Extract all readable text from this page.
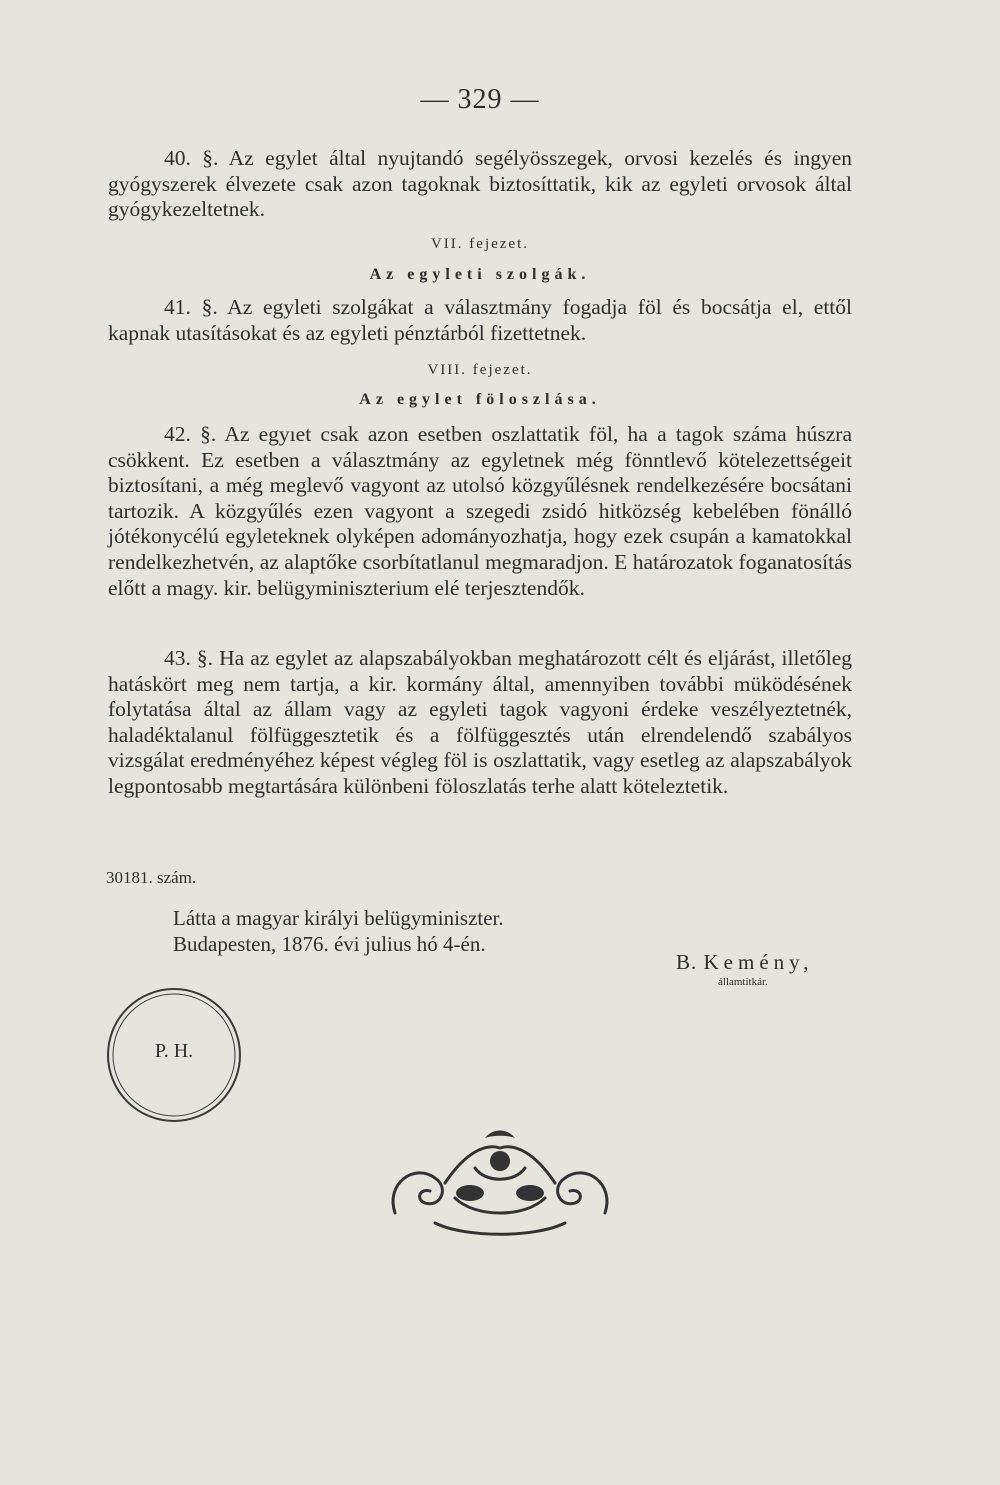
— 329 —
40. §. Az egylet által nyujtandó segélyösszegek, orvosi kezelés és ingyen gyógyszerek élvezete csak azon tagoknak biztosíttatik, kik az egyleti orvosok által gyógykezeltetnek.
VII. fejezet.
Az egyleti szolgák.
41. §. Az egyleti szolgákat a választmány fogadja föl és bocsátja el, ettől kapnak utasításokat és az egyleti pénztárból fizettetnek.
VIII. fejezet.
Az egylet föloszlása.
42. §. Az egyıet csak azon esetben oszlattatik föl, ha a tagok száma húszra csökkent. Ez esetben a választmány az egyletnek még fönntlevő kötelezettségeit biztosítani, a még meglevő vagyont az utolsó közgyűlésnek rendelkezésére bocsátani tartozik. A közgyűlés ezen vagyont a szegedi zsidó hitközség kebelében fönálló jótékonycélú egyleteknek olyképen adományozhatja, hogy ezek csupán a kamatokkal rendelkezhetvén, az alaptőke csorbítatlanul megmaradjon. E határozatok foganatosítás előtt a magy. kir. belügyminiszterium elé terjesztendők.
43. §. Ha az egylet az alapszabályokban meghatározott célt és eljárást, illetőleg hatáskört meg nem tartja, a kir. kormány által, amennyiben további müködésének folytatása által az állam vagy az egyleti tagok vagyoni érdeke veszélyeztetnék, haladéktalanul fölfüggesztetik és a fölfüggesztés után elrendelendő szabályos vizsgálat eredményéhez képest végleg föl is oszlattatik, vagy esetleg az alapszabályok legpontosabb megtartására különbeni föloszlatás terhe alatt köteleztetik.
30181. szám.
Látta a magyar királyi belügyminiszter.
Budapesten, 1876. évi julius hó 4-én.
B. Kemény,
államtitkár.
P. H.
